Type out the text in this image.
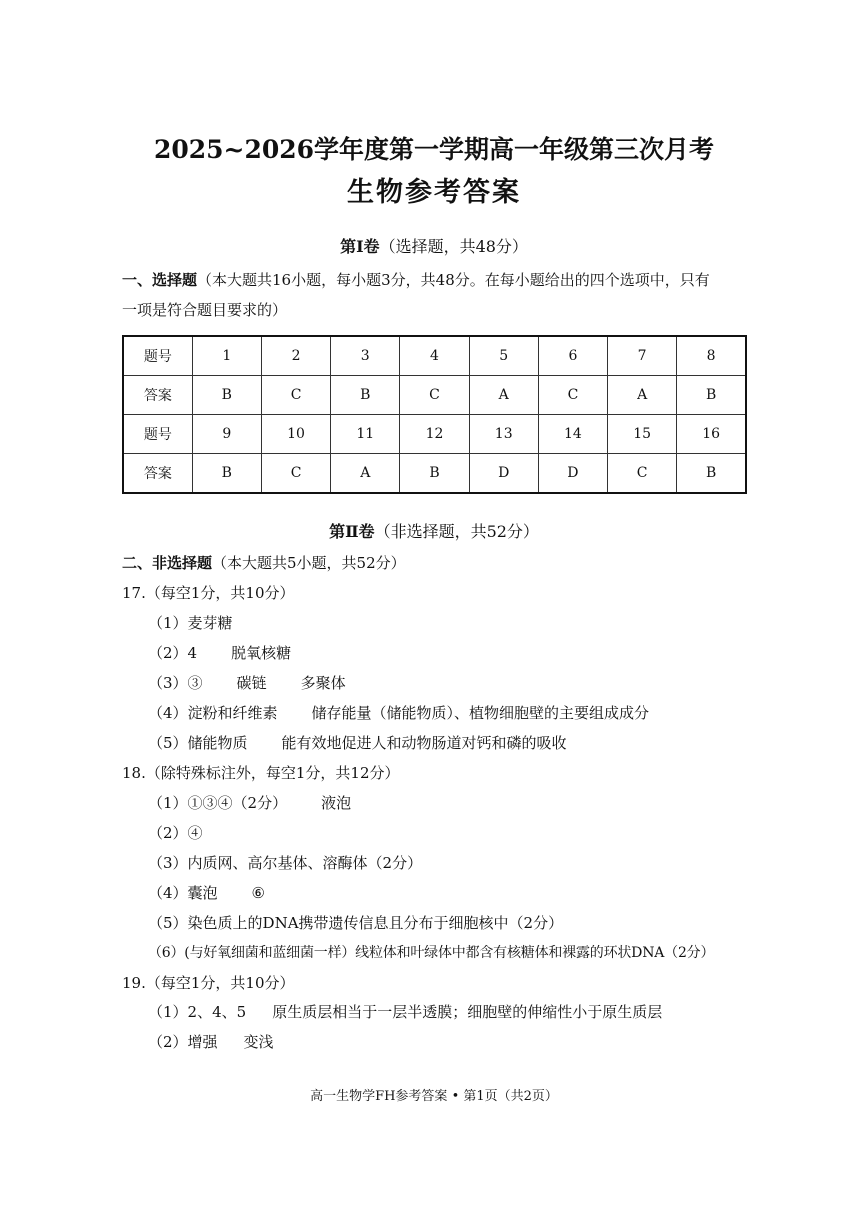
2025~2026学年度第一学期高一年级第三次月考
生物参考答案
第Ⅰ卷（选择题，共48分）
一、选择题（本大题共16小题，每小题3分，共48分。在每小题给出的四个选项中，只有
一项是符合题目要求的）
题号	1	2	3	4	5	6	7	8
答案	B	C	B	C	A	C	A	B
题号	9	10	11	12	13	14	15	16
答案	B	C	A	B	D	D	C	B
第Ⅱ卷（非选择题，共52分）
二、非选择题（本大题共5小题，共52分）
17.（每空1分，共10分）
（1）麦芽糖
（2）4 脱氧核糖
（3）③ 碳链 多聚体
（4）淀粉和纤维素 储存能量（储能物质）、植物细胞壁的主要组成成分
（5）储能物质 能有效地促进人和动物肠道对钙和磷的吸收
18.（除特殊标注外，每空1分，共12分）
（1）①③④（2分） 液泡
（2）④
（3）内质网、高尔基体、溶酶体（2分）
（4）囊泡 ⑥
（5）染色质上的DNA携带遗传信息且分布于细胞核中（2分）
（6）(与好氧细菌和蓝细菌一样）线粒体和叶绿体中都含有核糖体和裸露的环状DNA（2分）
19.（每空1分，共10分）
（1）2、4、5 原生质层相当于一层半透膜；细胞壁的伸缩性小于原生质层
（2）增强 变浅
高一生物学FH参考答案 • 第1页（共2页）
